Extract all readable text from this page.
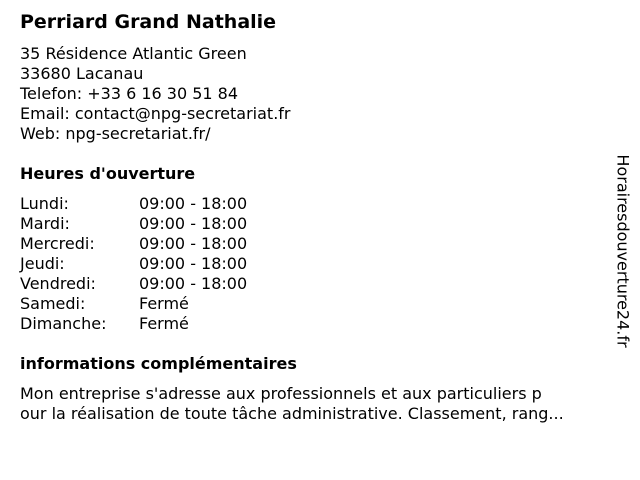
Perriard Grand Nathalie
35 Résidence Atlantic Green
33680 Lacanau
Telefon: +33 6 16 30 51 84
Email: contact@npg-secretariat.fr
Web: npg-secretariat.fr/
Heures d'ouverture
Lundi:	09:00 - 18:00
Mardi:	09:00 - 18:00
Mercredi:	09:00 - 18:00
Jeudi:	09:00 - 18:00
Vendredi:	09:00 - 18:00
Samedi:	Fermé
Dimanche:	Fermé
informations complémentaires
Mon entreprise s'adresse aux professionnels et aux particuliers p
our la réalisation de toute tâche administrative. Classement, rang...
Horairesdouverture24.fr
